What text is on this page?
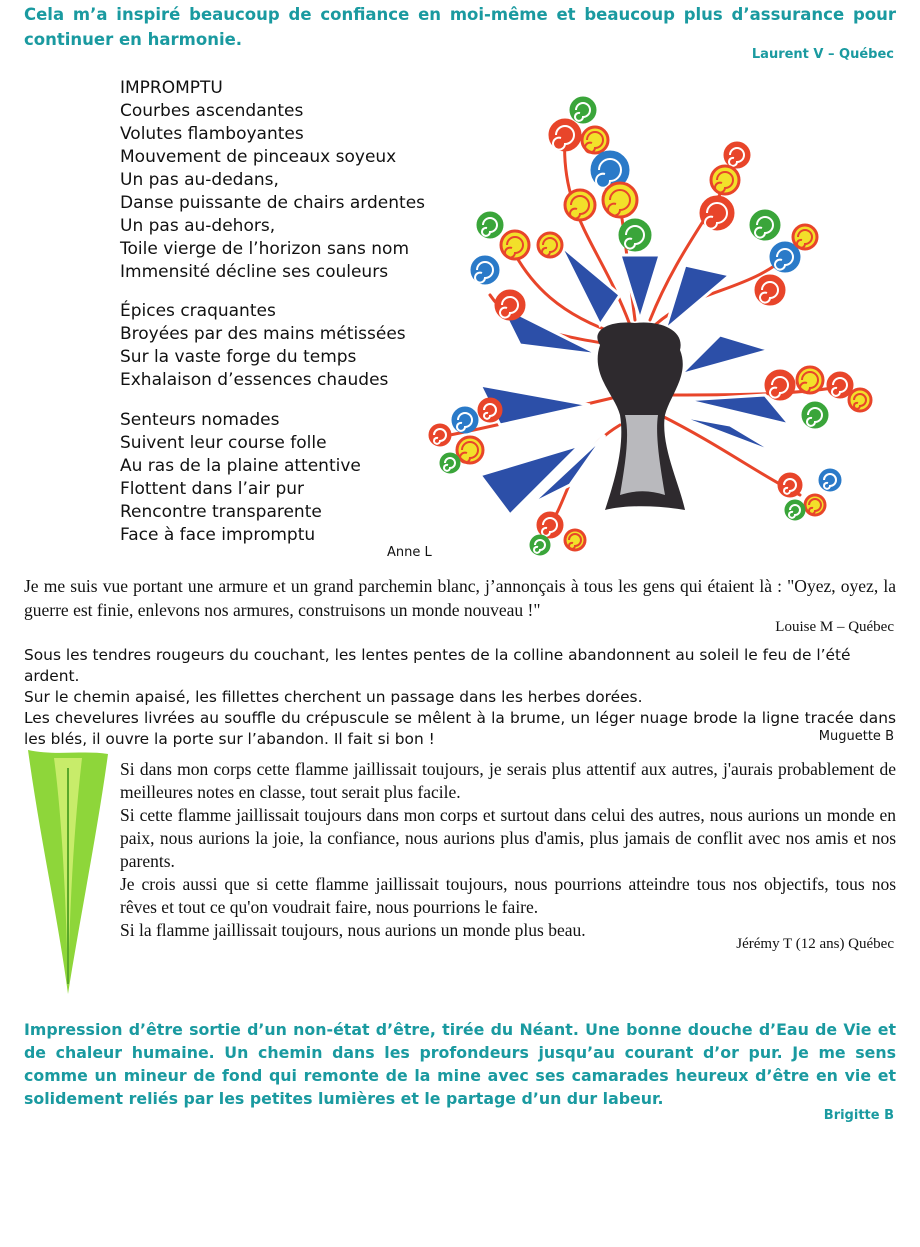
Cela m’a inspiré beaucoup de confiance en moi-même et beaucoup plus d’assurance pour continuer en harmonie.
Laurent V – Québec
IMPROMPTU
Courbes ascendantes
Volutes flamboyantes
Mouvement de pinceaux soyeux
Un pas au-dedans,
Danse puissante de chairs ardentes
Un pas au-dehors,
Toile vierge de l’horizon sans nom
Immensité décline ses couleurs
Épices craquantes
Broyées par des mains métissées
Sur la vaste forge du temps
Exhalaison d’essences chaudes
Senteurs nomades
Suivent leur course folle
Au ras de la plaine attentive
Flottent dans l’air pur
Rencontre transparente
Face à face impromptu
Anne L
Je me suis vue portant une armure et un grand parchemin blanc, j’annonçais à tous les gens qui étaient là : "Oyez, oyez, la guerre est finie, enlevons nos armures, construisons un monde nouveau !"
Louise M – Québec
Sous les tendres rougeurs du couchant, les lentes pentes de la colline abandonnent au soleil le feu de l’été ardent.
Sur le chemin apaisé, les fillettes cherchent un passage dans les herbes dorées.
Les chevelures livrées au souffle du crépuscule se mêlent à la brume, un léger nuage brode la ligne tracée dans les blés, il ouvre la porte sur l’abandon. Il fait si bon !	Muguette B
Si dans mon corps cette flamme jaillissait toujours, je serais plus attentif aux autres, j'aurais probablement de meilleures notes en classe, tout serait plus facile.
Si cette flamme jaillissait toujours dans mon corps et surtout dans celui des autres, nous aurions un monde en paix, nous aurions la joie, la confiance, nous aurions plus d'amis, plus jamais de conflit avec nos amis et nos parents.
Je crois aussi que si cette flamme jaillissait toujours, nous pourrions atteindre tous nos objectifs, tous nos rêves et tout ce qu'on voudrait faire, nous pourrions le faire.
Si la flamme jaillissait toujours, nous aurions un monde plus beau.
Jérémy T (12 ans) Québec
Impression d’être sortie d’un non-état d’être, tirée du Néant. Une bonne douche d’Eau de Vie et de chaleur humaine. Un chemin dans les profondeurs jusqu’au courant d’or pur. Je me sens comme un mineur de fond qui remonte de la mine avec ses camarades heureux d’être en vie et solidement reliés par les petites lumières et le partage d’un dur labeur.
Brigitte B
